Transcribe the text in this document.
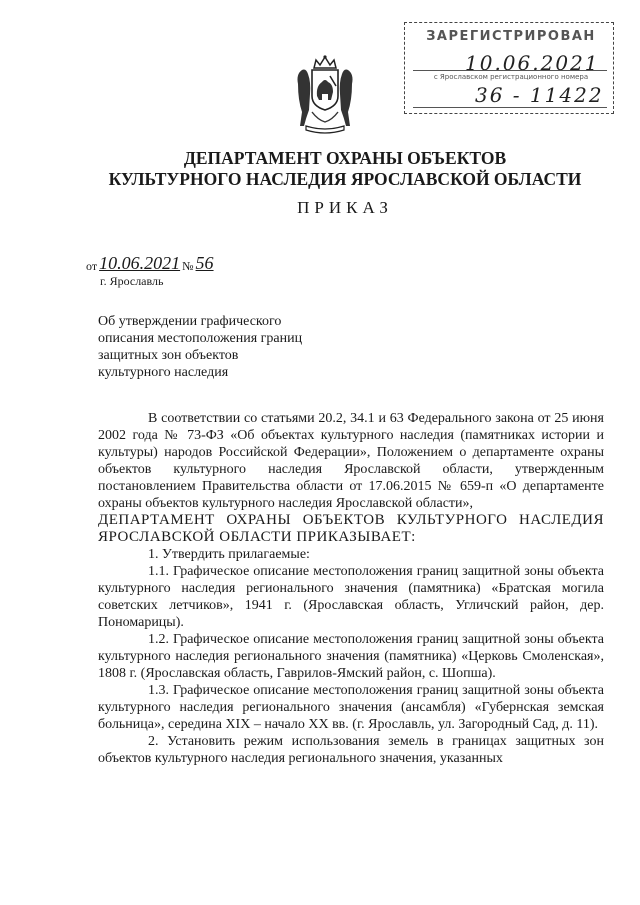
ЗАРЕГИСТРИРОВАН
10.06.2021
с Ярославском регистрационного номера
36 - 11422
ДЕПАРТАМЕНТ ОХРАНЫ ОБЪЕКТОВ
КУЛЬТУРНОГО НАСЛЕДИЯ ЯРОСЛАВСКОЙ ОБЛАСТИ
ПРИКАЗ
от 10.06.2021 № 56
г. Ярославль
Об утверждении графического
описания местоположения границ
защитных зон объектов
культурного наследия

В соответствии со статьями 20.2, 34.1 и 63 Федерального закона от 25 июня 2002 года № 73-ФЗ «Об объектах культурного наследия (памятниках истории и культуры) народов Российской Федерации», Положением о департаменте охраны объектов культурного наследия Ярославской области, утвержденным постановлением Правительства области от 17.06.2015 № 659-п «О департаменте охраны объектов культурного наследия Ярославской области»,

ДЕПАРТАМЕНТ ОХРАНЫ ОБЪЕКТОВ КУЛЬТУРНОГО НАСЛЕДИЯ ЯРОСЛАВСКОЙ ОБЛАСТИ ПРИКАЗЫВАЕТ:

1. Утвердить прилагаемые:

1.1. Графическое описание местоположения границ защитной зоны объекта культурного наследия регионального значения (памятника) «Братская могила советских летчиков», 1941 г. (Ярославская область, Угличский район, дер. Пономарицы).

1.2. Графическое описание местоположения границ защитной зоны объекта культурного наследия регионального значения (памятника) «Церковь Смоленская», 1808 г. (Ярославская область, Гаврилов-Ямский район, с. Шопша).

1.3. Графическое описание местоположения границ защитной зоны объекта культурного наследия регионального значения (ансамбля) «Губернская земская больница», середина XIX – начало XX вв. (г. Ярославль, ул. Загородный Сад, д. 11).

2. Установить режим использования земель в границах защитных зон объектов культурного наследия регионального значения, указанных
